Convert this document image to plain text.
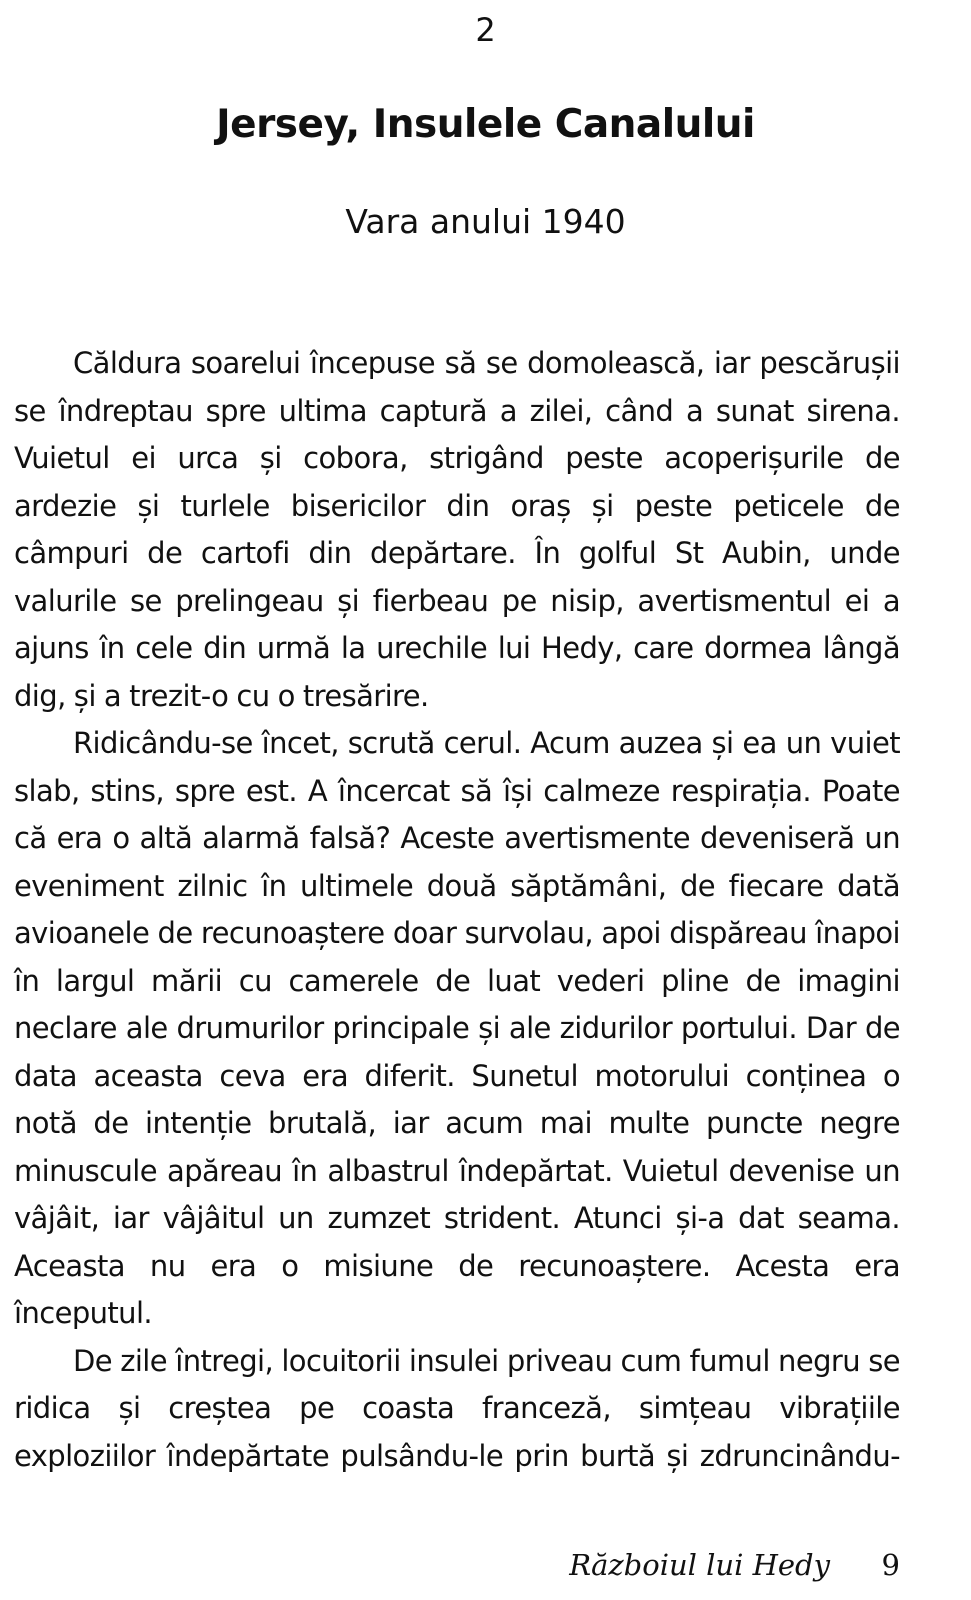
2
Jersey, Insulele Canalului
Vara anului 1940

Căldura soarelui începuse să se domolească, iar pescărușii se îndreptau spre ultima captură a zilei, când a sunat sirena. Vuietul ei urca și cobora, strigând peste acoperișurile de ardezie și turlele bisericilor din oraș și peste peticele de câmpuri de cartofi din depărtare. În golful St Aubin, unde valurile se prelingeau și fierbeau pe nisip, avertismentul ei a ajuns în cele din urmă la urechile lui Hedy, care dormea lângă dig, și a trezit-o cu o tresărire.

Ridicându-se încet, scrută cerul. Acum auzea și ea un vuiet slab, stins, spre est. A încercat să își calmeze respirația. Poate că era o altă alarmă falsă? Aceste avertismente deveniseră un eveniment zilnic în ultimele două săptămâni, de fiecare dată avioanele de recunoaștere doar survolau, apoi dispăreau înapoi în largul mării cu camerele de luat vederi pline de imagini neclare ale drumurilor principale și ale zidurilor portului. Dar de data aceasta ceva era diferit. Sunetul motorului conținea o notă de intenție brutală, iar acum mai multe puncte negre minuscule apăreau în albastrul îndepărtat. Vuietul devenise un vâjâit, iar vâjâitul un zumzet strident. Atunci și-a dat seama. Aceasta nu era o misiune de recunoaștere. Acesta era începutul.

De zile întregi, locuitorii insulei priveau cum fumul negru se ridica și creștea pe coasta franceză, simțeau vibrațiile exploziilor îndepărtate pulsându-le prin burtă și zdruncinându-

Războiul lui Hedy 9
